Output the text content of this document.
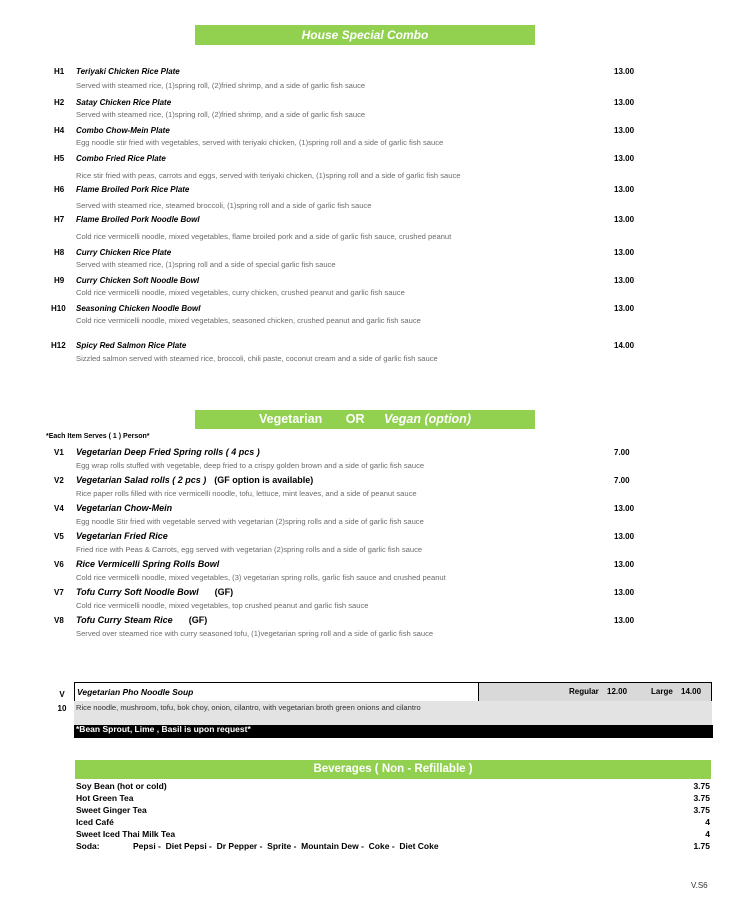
House Special Combo
H1 Teriyaki Chicken Rice Plate	13.00
Served with steamed rice, (1)spring roll, (2)fried shrimp, and a side of garlic fish sauce
H2 Satay Chicken Rice Plate	13.00
Served with steamed rice, (1)spring roll, (2)fried shrimp, and a side of garlic fish sauce
H4 Combo Chow-Mein Plate	13.00
Egg noodle stir fried with vegetables, served with teriyaki chicken, (1)spring roll and a side of garlic fish sauce
H5 Combo Fried Rice Plate	13.00
Rice stir fried with peas, carrots and eggs, served with teriyaki chicken, (1)spring roll and a side of garlic fish sauce
H6 Flame Broiled Pork Rice Plate	13.00
Served with steamed rice, steamed broccoli, (1)spring roll and a side of garlic fish sauce
H7 Flame Broiled Pork Noodle Bowl	13.00
Cold rice vermicelli noodle, mixed vegetables, flame broiled pork and a side of garlic fish sauce, crushed peanut
H8 Curry Chicken Rice Plate	13.00
Served with steamed rice, (1)spring roll and a side of special garlic fish sauce
H9 Curry Chicken Soft Noodle Bowl	13.00
Cold rice vermicelli noodle, mixed vegetables, curry chicken, crushed peanut and garlic fish sauce
H10 Seasoning Chicken Noodle Bowl	13.00
Cold rice vermicelli noodle, mixed vegetables, seasoned chicken, crushed peanut and garlic fish sauce
H12 Spicy Red Salmon Rice Plate	14.00
Sizzled salmon served with steamed rice, broccoli, chili paste, coconut cream and a side of garlic fish sauce
Vegetarian OR Vegan (option)
*Each Item Serves ( 1 ) Person*
V1 Vegetarian Deep Fried Spring rolls ( 4 pcs )	7.00
Egg wrap rolls stuffed with vegetable, deep fried to a crispy golden brown and a side of garlic fish sauce
V2 Vegetarian Salad rolls ( 2 pcs ) (GF option is available)	7.00
Rice paper rolls filled with rice vermicelli noodle, tofu, lettuce, mint leaves, and a side of peanut sauce
V4 Vegetarian Chow-Mein	13.00
Egg noodle Stir fried with vegetable served with vegetarian (2)spring rolls and a side of garlic fish sauce
V5 Vegetarian Fried Rice	13.00
Fried rice with Peas & Carrots, egg served with vegetarian (2)spring rolls and a side of garlic fish sauce
V6 Rice Vermicelli Spring Rolls Bowl	13.00
Cold rice vermicelli noodle, mixed vegetables, (3) vegetarian spring rolls, garlic fish sauce and crushed peanut
V7 Tofu Curry Soft Noodle Bowl (GF)	13.00
Cold rice vermicelli noodle, mixed vegetables, top crushed peanut and garlic fish sauce
V8 Tofu Curry Steam Rice (GF)	13.00
Served over steamed rice with curry seasoned tofu, (1)vegetarian spring roll and a side of garlic fish sauce
V
10
Vegetarian Pho Noodle Soup	Regular 12.00	Large 14.00
Rice noodle, mushroom, tofu, bok choy, onion, cilantro, with vegetarian broth green onions and cilantro
*Bean Sprout, Lime , Basil is upon request*
Beverages ( Non - Refillable )
Soy Bean (hot or cold)	3.75
Hot Green Tea	3.75
Sweet Ginger Tea	3.75
Iced Café	4
Sweet Iced Thai Milk Tea	4
Soda:	Pepsi -  Diet Pepsi -  Dr Pepper -  Sprite -  Mountain Dew -  Coke -  Diet Coke	1.75
V.S6
